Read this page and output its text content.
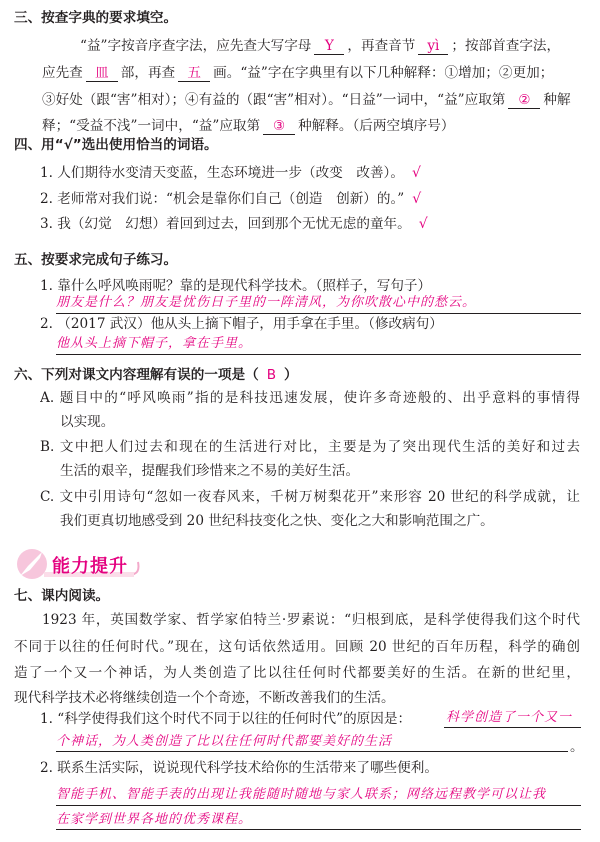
三、按查字典的要求填空。
“益”字按音序查字法，应先查大写字母 Y ，再查音节 yì ；按部首查字法，
应先查 皿 部，再查 五 画。“益”字在字典里有以下几种解释：①增加；②更加；
③好处（跟“害”相对）；④有益的（跟“害”相对）。“日益”一词中，“益”应取第 ② 种解
释；“受益不浅”一词中，“益”应取第 ③ 种解释。（后两空填序号）
四、用“√”选出使用恰当的词语。
1. 人们期待水变清天变蓝，生态环境进一步（改变　改善）。 √
2. 老师常对我们说：“机会是靠你们自己（创造　创新）的。” √
3. 我（幻觉　幻想）着回到过去，回到那个无忧无虑的童年。 √
五、按要求完成句子练习。
1. 靠什么呼风唤雨呢？靠的是现代科学技术。（照样子，写句子）
朋友是什么？朋友是忧伤日子里的一阵清风，为你吹散心中的愁云。
2. （2017 武汉）他从头上摘下帽子，用手拿在手里。（修改病句）
他从头上摘下帽子，拿在手里。
六、下列对课文内容理解有误的一项是（ B ）
A. 题目中的“呼风唤雨”指的是科技迅速发展，使许多奇迹般的、出乎意料的事情得
以实现。
B. 文中把人们过去和现在的生活进行对比，主要是为了突出现代生活的美好和过去
生活的艰辛，提醒我们珍惜来之不易的美好生活。
C. 文中引用诗句“忽如一夜春风来，千树万树梨花开”来形容 20 世纪的科学成就，让
我们更真切地感受到 20 世纪科技变化之快、变化之大和影响范围之广。
能力提升
七、课内阅读。
1923 年，英国数学家、哲学家伯特兰·罗素说：“归根到底，是科学使得我们这个时代
不同于以往的任何时代。”现在，这句话依然适用。回顾 20 世纪的百年历程，科学的确创
造了一个又一个神话，为人类创造了比以往任何时代都要美好的生活。在新的世纪里，
现代科学技术必将继续创造一个个奇迹，不断改善我们的生活。
1. “科学使得我们这个时代不同于以往的任何时代”的原因是：	科学创造了一个又一
个神话，为人类创造了比以往任何时代都要美好的生活	。
2. 联系生活实际，说说现代科学技术给你的生活带来了哪些便利。
智能手机、智能手表的出现让我能随时随地与家人联系；网络远程教学可以让我
在家学到世界各地的优秀课程。
